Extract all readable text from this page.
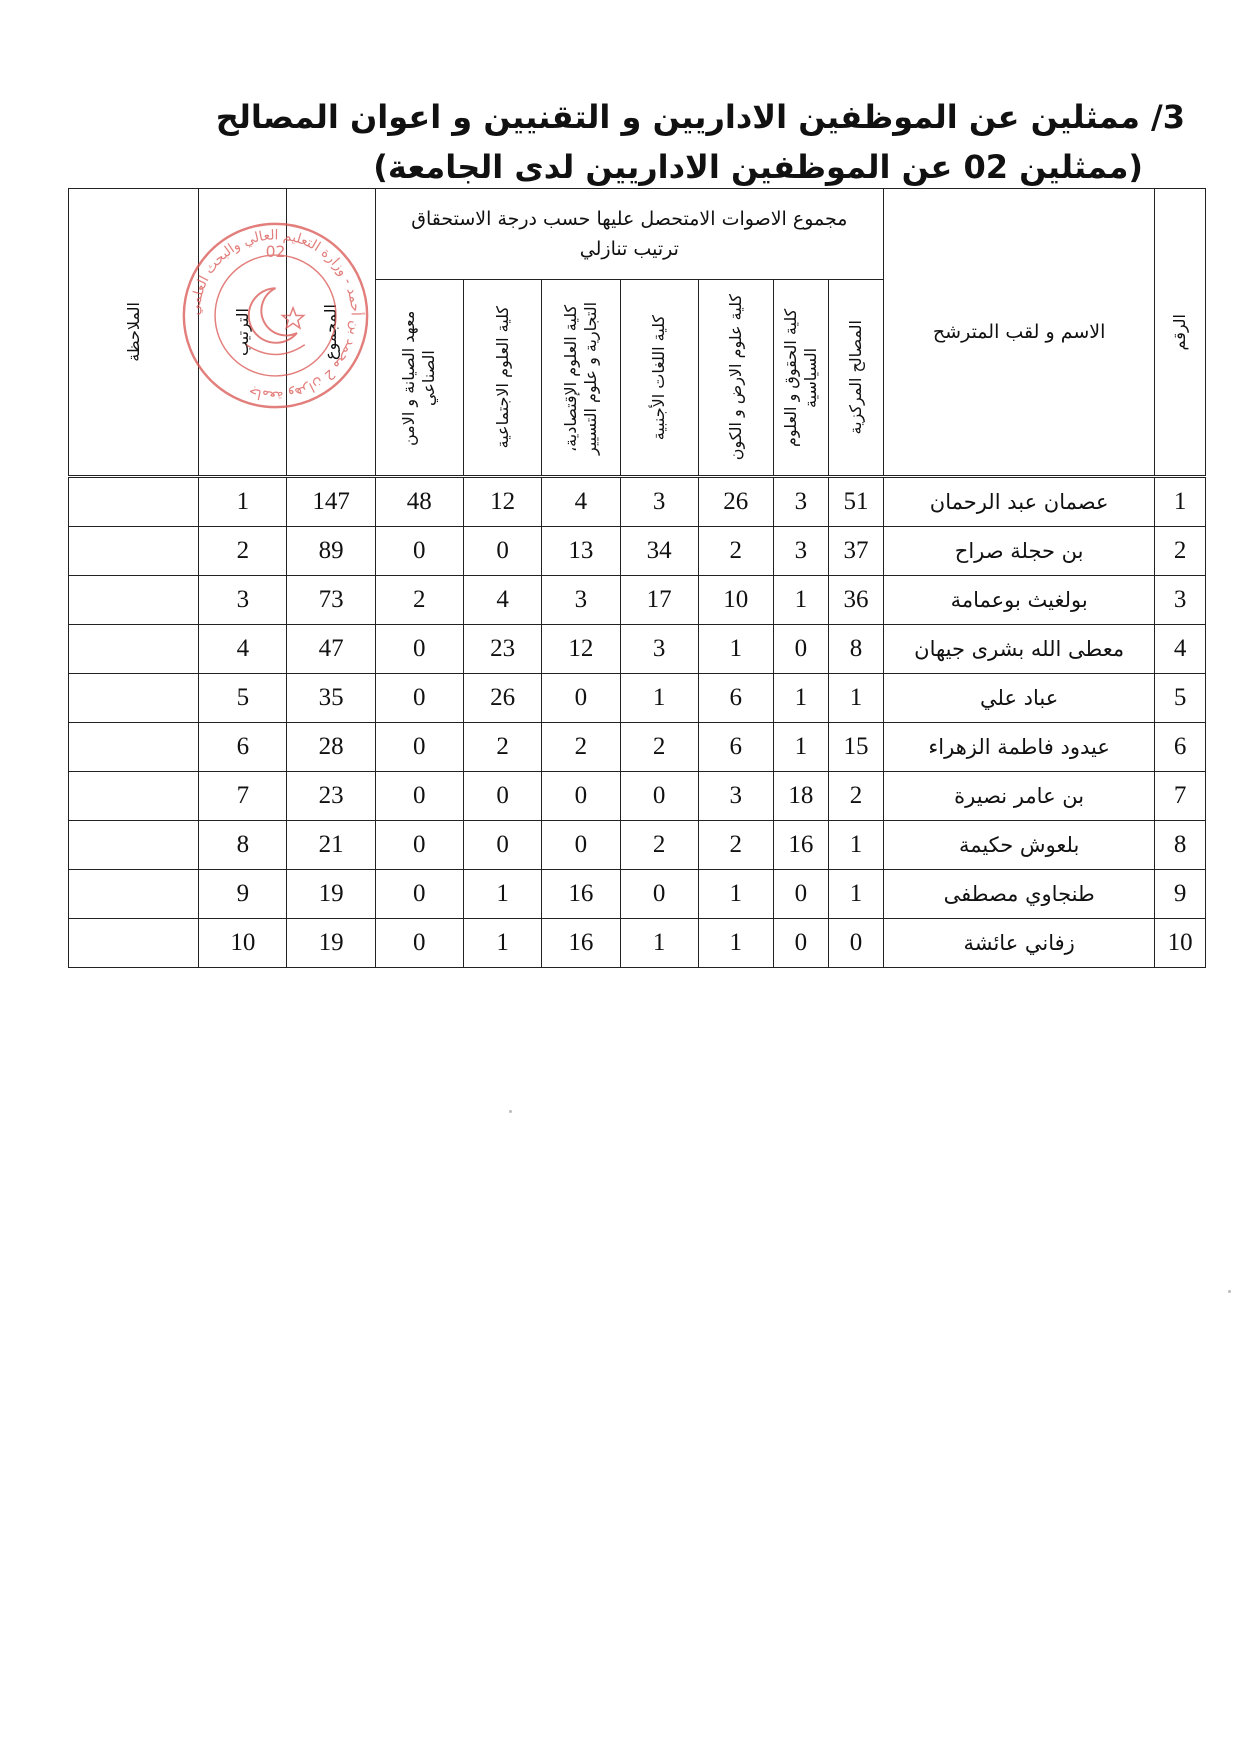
3/ ممثلين عن الموظفين الاداريين و التقنيين و اعوان المصالح
(ممثلين 02 عن الموظفين الاداريين لدى الجامعة)
الرقم	الاسم و لقب المترشح	مجموع الاصوات الامتحصل عليها حسب درجة الاستحقاق ترتيب تنازلي							المجموع	الترتيب	الملاحظة

		المصالح المركزية	كلية الحقوق و العلوم السياسية	كلية علوم الارض و الكون	كلية اللغات الأجنبية	كلية العلوم الإقتصادية، التجارية و علوم التسيير	كلية العلوم الاجتماعية	معهد الصيانة و الامن الصناعي			

1	عصمان عبد الرحمان	51	3	26	3	4	12	48	147	1	
2	بن حجلة صراح	37	3	2	34	13	0	0	89	2	
3	بولغيث بوعمامة	36	1	10	17	3	4	2	73	3	
4	معطى الله بشرى جيهان	8	0	1	3	12	23	0	47	4	
5	عباد علي	1	1	6	1	0	26	0	35	5	
6	عيدود فاطمة الزهراء	15	1	6	2	2	2	0	28	6	
7	بن عامر نصيرة	2	18	3	0	0	0	0	23	7	
8	بلعوش حكيمة	1	16	2	2	0	0	0	21	8	
9	طنجاوي مصطفى	1	0	1	0	16	1	0	19	9	
10	زفاني عائشة	0	0	1	1	16	1	0	19	10	
جامعة وهران 2 محمد بن أحمد - وزارة التعليم العالي والبحث العلمي
02
